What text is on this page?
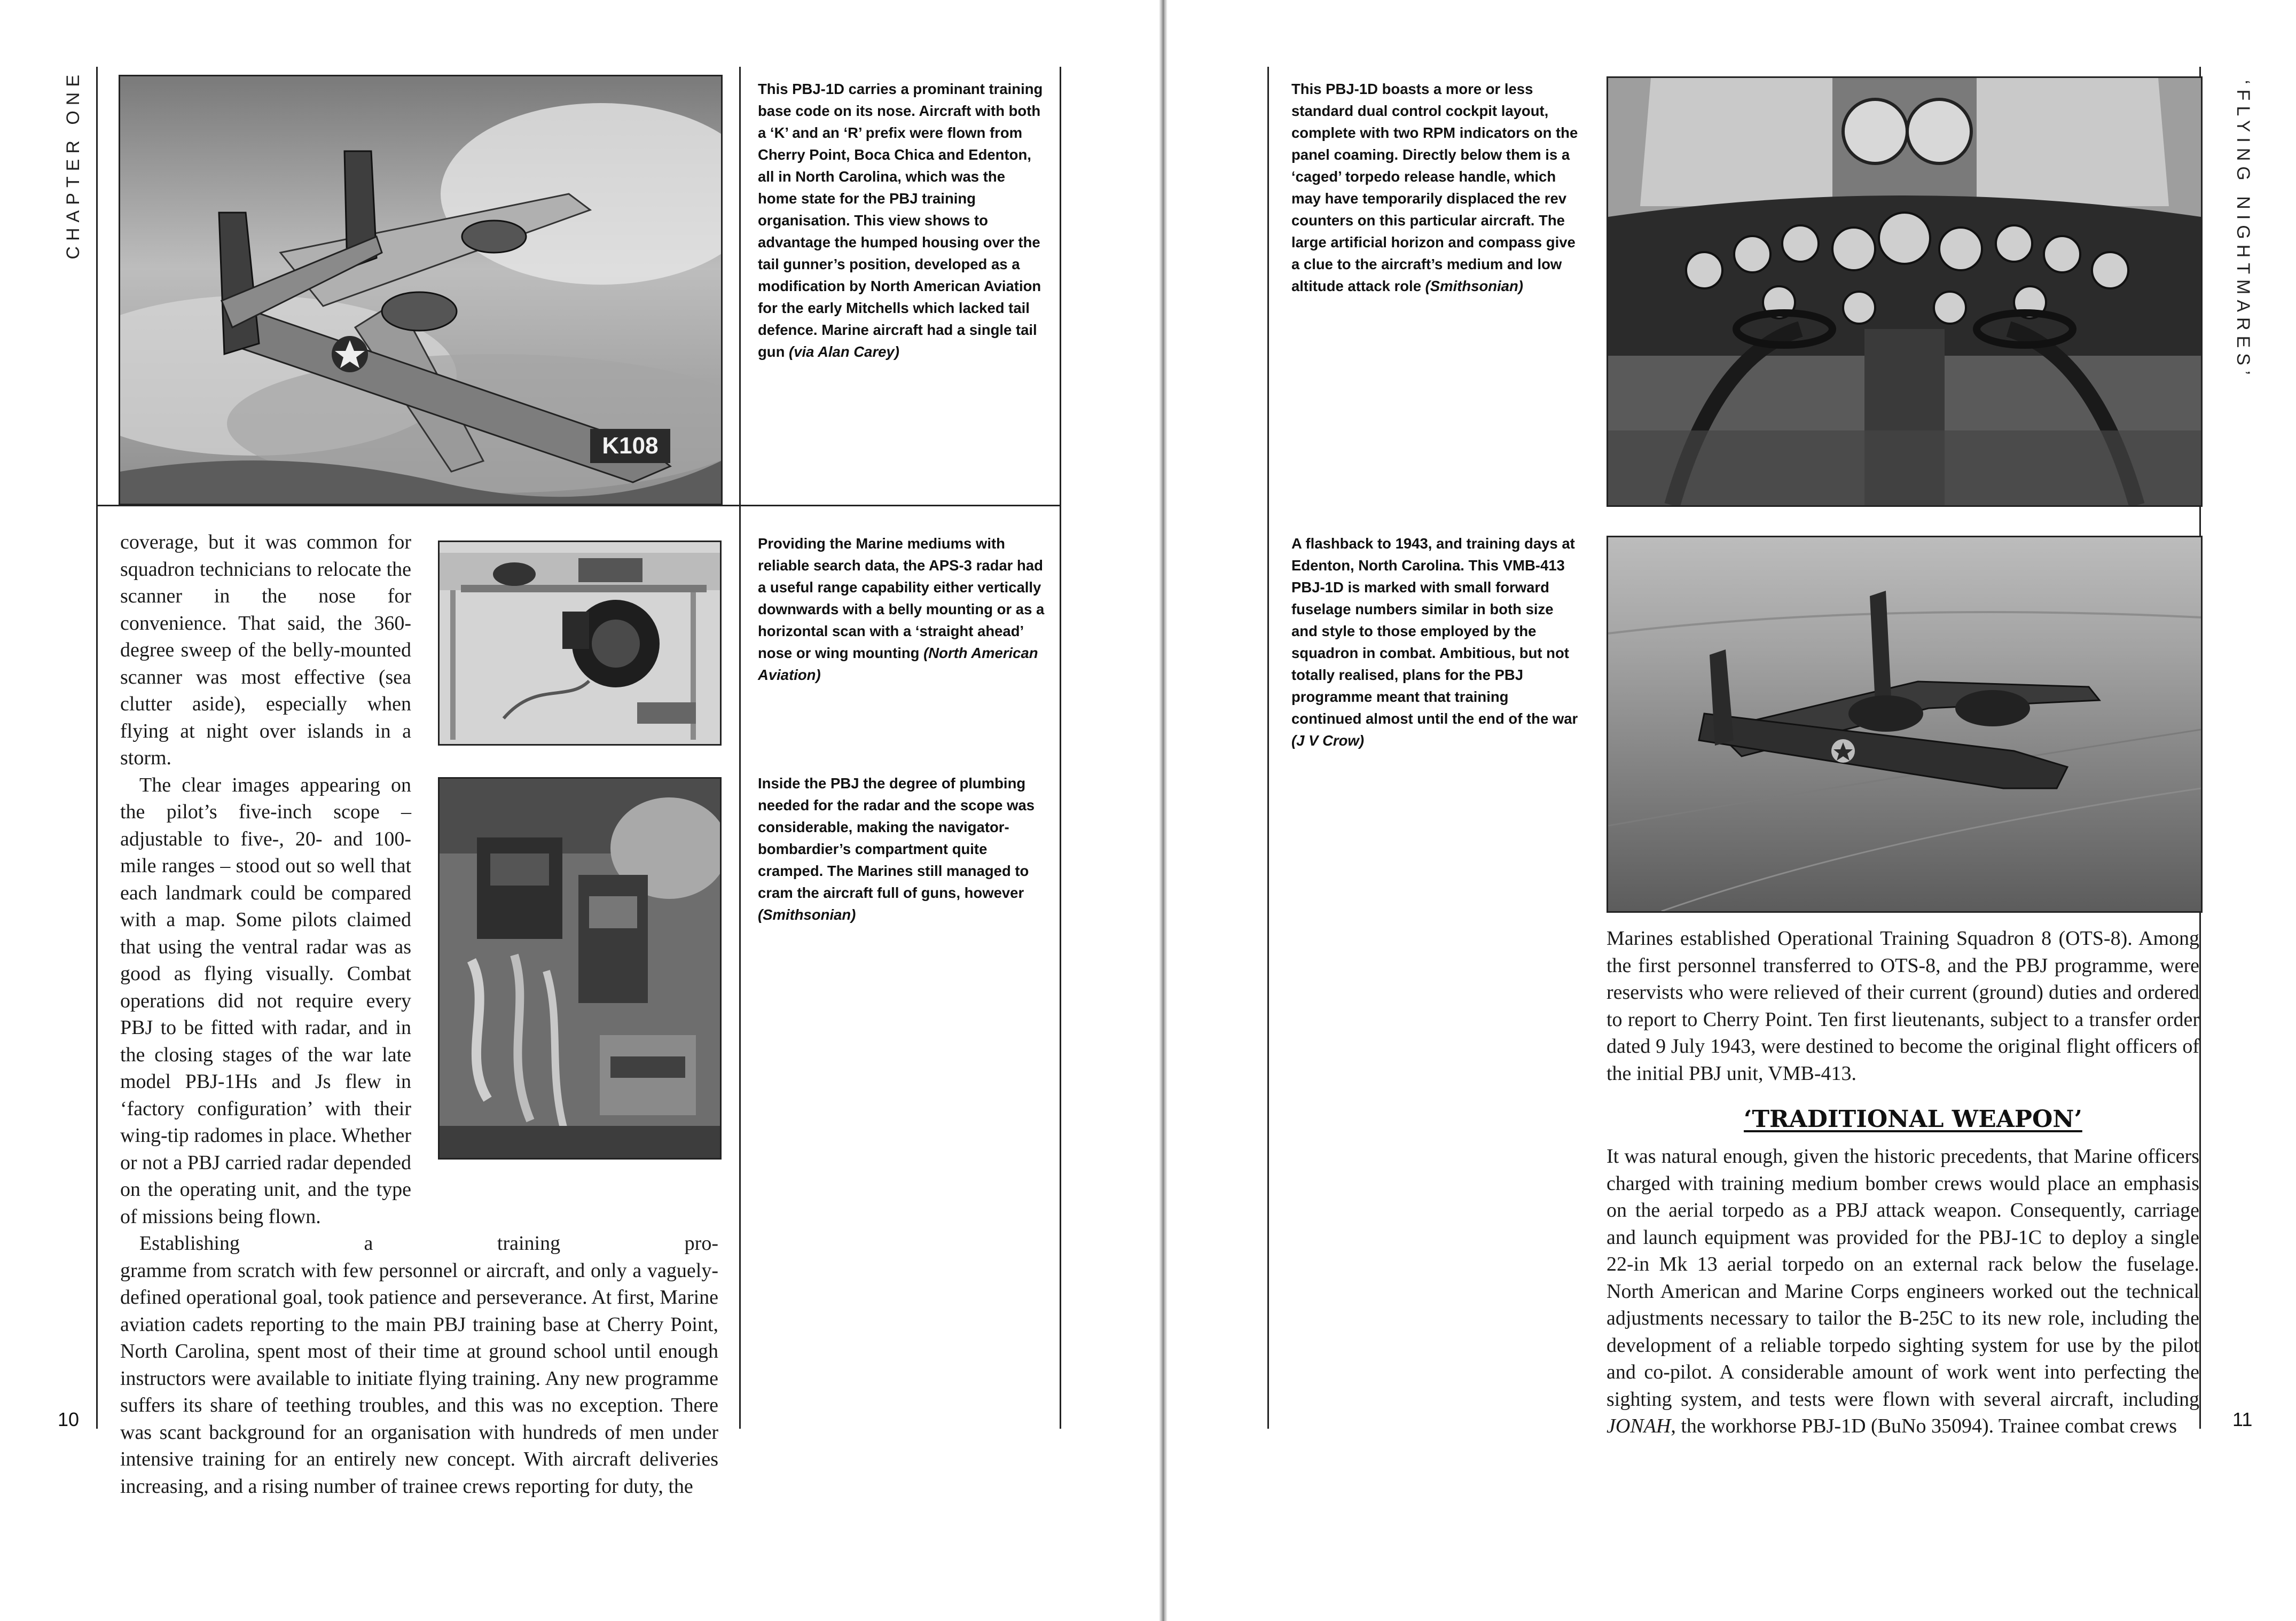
CHAPTER ONE
10
K108

This PBJ-1D carries a prominant training base code on its nose. Aircraft with both a ‘K’ and an ‘R’ prefix were flown from Cherry Point, Boca Chica and Edenton, all in North Carolina, which was the home state for the PBJ training organisation. This view shows to advantage the humped housing over the tail gunner’s position, developed as a modification by North American Aviation for the early Mitchells which lacked tail defence. Marine aircraft had a single tail gun (via Alan Carey)

Providing the Marine mediums with reliable search data, the APS-3 radar had a useful range capability either vertically downwards with a belly mounting or as a horizontal scan with a ‘straight ahead’ nose or wing mounting (North American Aviation)

Inside the PBJ the degree of plumbing needed for the radar and the scope was considerable, making the navigator-bombardier’s compartment quite cramped. The Marines still managed to cram the aircraft full of guns, however (Smithsonian)

coverage, but it was common for squadron technicians to relocate the scanner in the nose for convenience. That said, the 360-degree sweep of the belly-mounted scanner was most effective (sea clutter aside), especially when flying at night over islands in a storm.

The clear images appearing on the pilot’s five-inch scope – adjustable to five-, 20- and 100-mile ranges – stood out so well that each landmark could be compared with a map. Some pilots claimed that using the ventral radar was as good as flying visually. Combat operations did not require every PBJ to be fitted with radar, and in the closing stages of the war late model PBJ-1Hs and Js flew in ‘factory configuration’ with their wing-tip radomes in place. Whether or not a PBJ carried radar depended on the operating unit, and the type of missions being flown.

Establishing a training pro-

gramme from scratch with few personnel or aircraft, and only a vaguely-defined operational goal, took patience and perseverance. At first, Marine aviation cadets reporting to the main PBJ training base at Cherry Point, North Carolina, spent most of their time at ground school until enough instructors were available to initiate flying training. Any new programme suffers its share of teething troubles, and this was no exception. There was scant background for an organisation with hundreds of men under intensive training for an entirely new concept. With aircraft deliveries increasing, and a rising number of trainee crews reporting for duty, the

‘FLYING NIGHTMARES’
11

This PBJ-1D boasts a more or less standard dual control cockpit layout, complete with two RPM indicators on the panel coaming. Directly below them is a ‘caged’ torpedo release handle, which may have temporarily displaced the rev counters on this particular aircraft. The large artificial horizon and compass give a clue to the aircraft’s medium and low altitude attack role (Smithsonian)

A flashback to 1943, and training days at Edenton, North Carolina. This VMB-413 PBJ-1D is marked with small forward fuselage numbers similar in both size and style to those employed by the squadron in combat. Ambitious, but not totally realised, plans for the PBJ programme meant that training continued almost until the end of the war (J V Crow)

Marines established Operational Training Squadron 8 (OTS-8). Among the first personnel transferred to OTS-8, and the PBJ programme, were reservists who were relieved of their current (ground) duties and ordered to report to Cherry Point. Ten first lieutenants, subject to a transfer order dated 9 July 1943, were destined to become the original flight officers of the initial PBJ unit, VMB-413.

‘TRADITIONAL WEAPON’

It was natural enough, given the historic precedents, that Marine officers charged with training medium bomber crews would place an emphasis on the aerial torpedo as a PBJ attack weapon. Consequently, carriage and launch equipment was provided for the PBJ-1C to deploy a single 22-in Mk 13 aerial torpedo on an external rack below the fuselage. North American and Marine Corps engineers worked out the technical adjustments necessary to tailor the B-25C to its new role, including the development of a reliable torpedo sighting system for use by the pilot and co-pilot. A considerable amount of work went into perfecting the sighting system, and tests were flown with several aircraft, including JONAH, the workhorse PBJ-1D (BuNo 35094). Trainee combat crews
